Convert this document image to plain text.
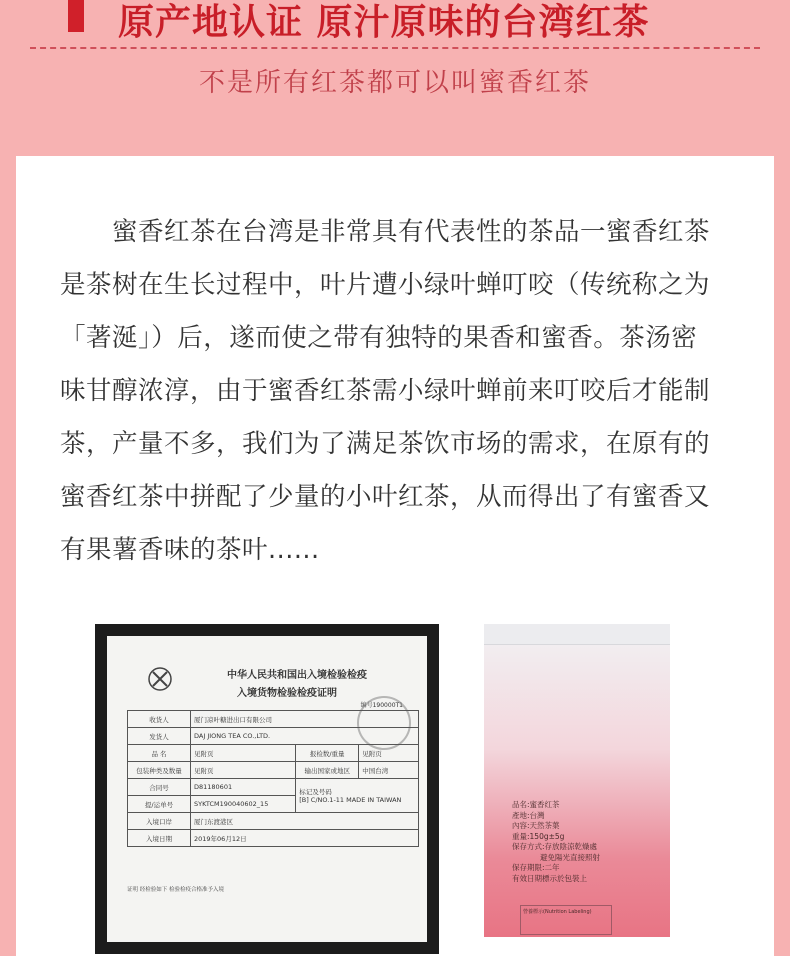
原产地认证 原汁原味的台湾红茶
不是所有红茶都可以叫蜜香红茶
蜜香红茶在台湾是非常具有代表性的茶品一蜜香红茶是茶树在生长过程中，叶片遭小绿叶蝉叮咬（传统称之为 「著涎」）后，遂而使之带有独特的果香和蜜香。茶汤密味甘醇浓淳，由于蜜香红茶需小绿叶蝉前来叮咬后才能制茶，产量不多，我们为了满足茶饮市场的需求，在原有的蜜香红茶中拼配了少量的小叶红茶，从而得出了有蜜香又有果薯香味的茶叶......
中华人民共和国出入境检验检疫
入境货物检验检疫证明
编号190000T1
收货人	厦门凉叶糖进出口有限公司		
发货人	DAJ JIONG TEA CO.,LTD.		
品 名	见附页	报检数/重量	见附页
包装种类及数量	见附页	输出国家或地区	中国台湾
合同号	D81180601	标记及号码
[B] C/NO.1-11 MADE IN TAIWAN	
提/运单号	SYKTCM190040602_15		
入境口岸	厦门东渡港区		
入境日期	2019年06月12日		
证明 经检验如下 检验检疫合格准予入境
品名:蜜香红茶
產地:台灣
內容:天然茶葉
重量:150g±5g
保存方式:存放陰涼乾燥處
避免陽光直接照射
保存期限:二年
有效日期標示於包裝上
營養標示(Nutrition Labeling)
